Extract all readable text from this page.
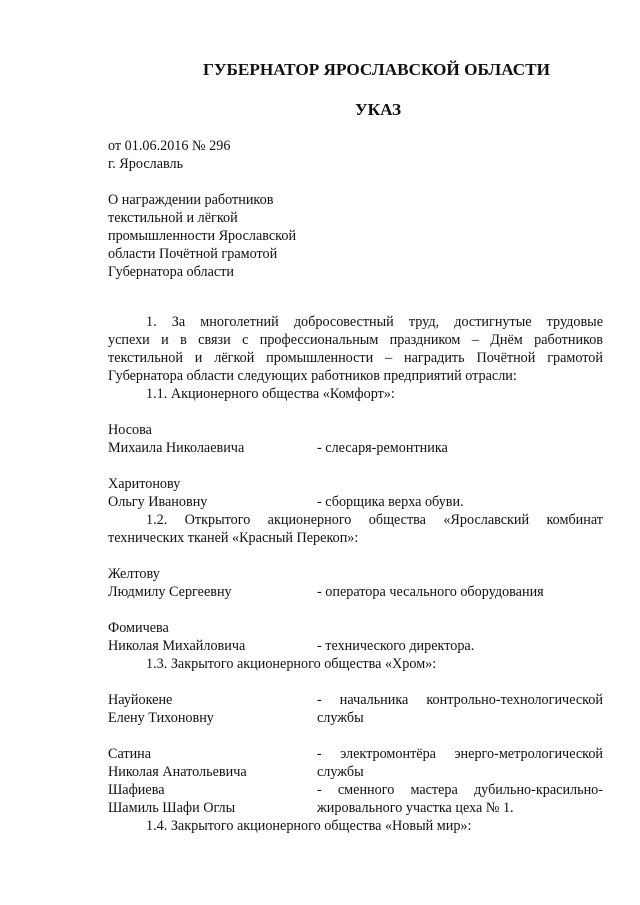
ГУБЕРНАТОР ЯРОСЛАВСКОЙ ОБЛАСТИ
УКАЗ
от 01.06.2016 № 296
г. Ярославль
О награждении работников
текстильной и лёгкой
промышленности Ярославской
области Почётной грамотой
Губернатора области
1. За многолетний добросовестный труд, достигнутые трудовые
успехи и в связи с профессиональным праздником – Днём работников
текстильной и лёгкой промышленности – наградить Почётной грамотой
Губернатора области следующих работников предприятий отрасли:
1.1. Акционерного общества «Комфорт»:
Носова
Михаила Николаевича	- слесаря-ремонтника
Харитонову
Ольгу Ивановну	- сборщика верха обуви.
1.2. Открытого акционерного общества «Ярославский комбинат
технических тканей «Красный Перекоп»:
Желтову
Людмилу Сергеевну	- оператора чесального оборудования
Фомичева
Николая Михайловича	- технического директора.
1.3. Закрытого акционерного общества «Хром»:
Науйокене	- начальника контрольно-технологической
Елену Тихоновну	службы
Сатина	- электромонтёра энерго-метрологической
Николая Анатольевича	службы
Шафиева	- сменного мастера дубильно-красильно-
Шамиль Шафи Оглы	жировального участка цеха № 1.
1.4. Закрытого акционерного общества «Новый мир»:
